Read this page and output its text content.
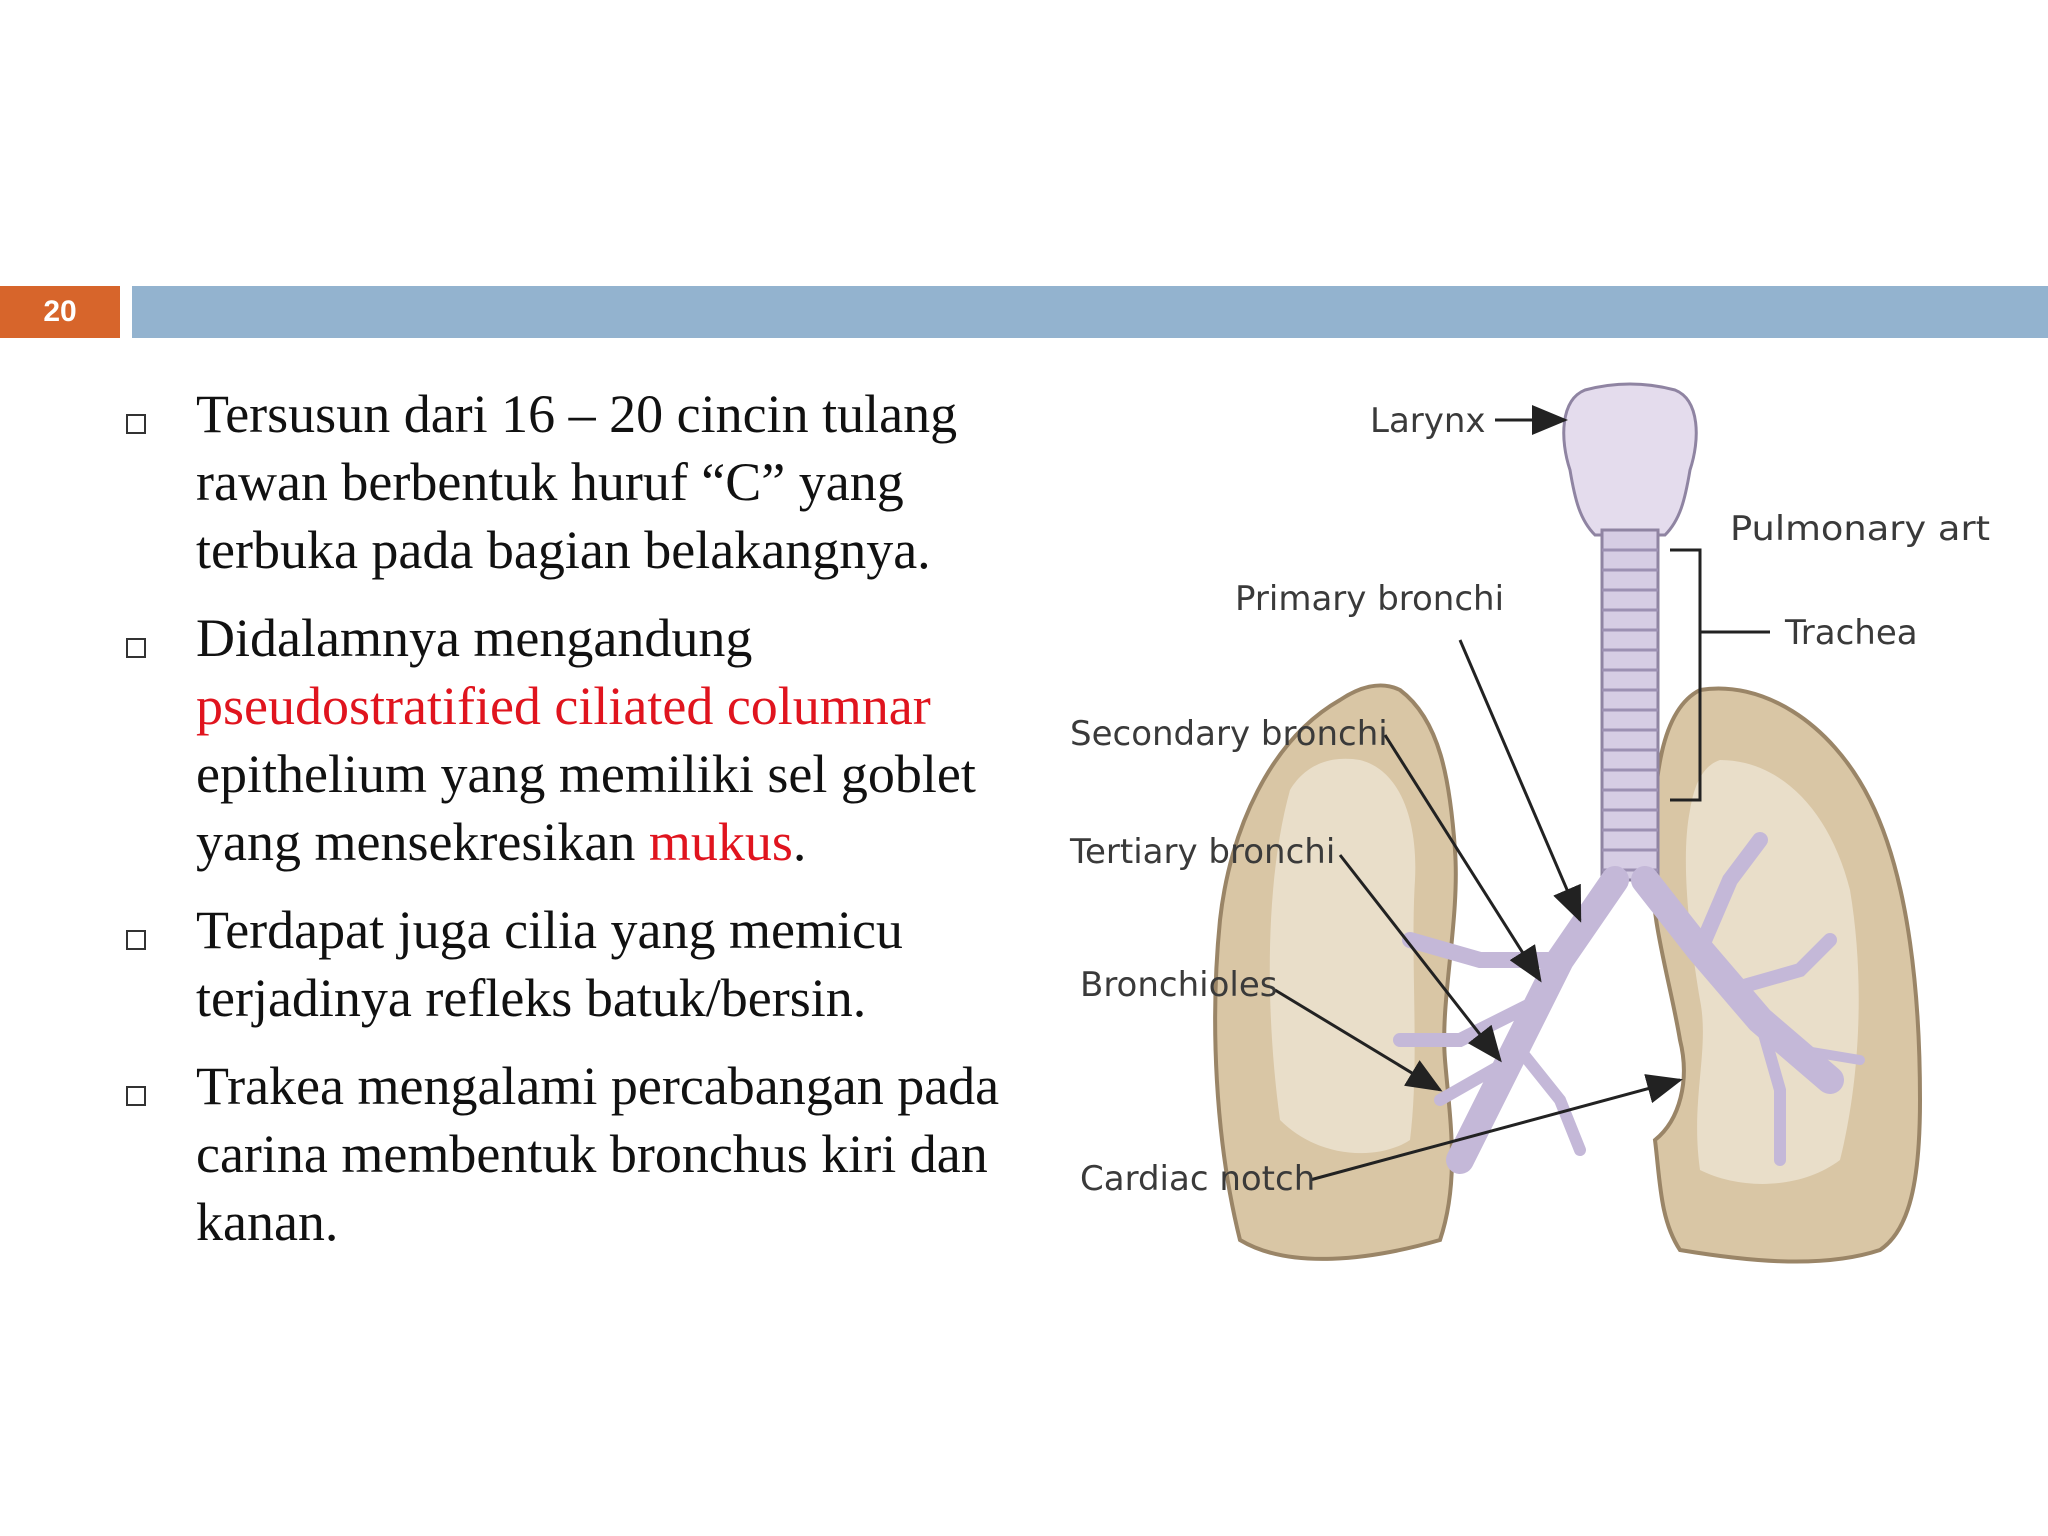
20
Tersusun dari 16 – 20 cincin tulang rawan berbentuk huruf “C” yang terbuka pada bagian belakangnya.
Didalamnya mengandung pseudostratified ciliated columnar epithelium yang memiliki sel goblet yang mensekresikan mukus.
Terdapat juga cilia yang memicu terjadinya refleks batuk/bersin.
Trakea mengalami percabangan pada carina membentuk bronchus kiri dan kanan.
Larynx
Pulmonary art
Primary bronchi
Trachea
Secondary bronchi
Tertiary bronchi
Bronchioles
Cardiac notch
